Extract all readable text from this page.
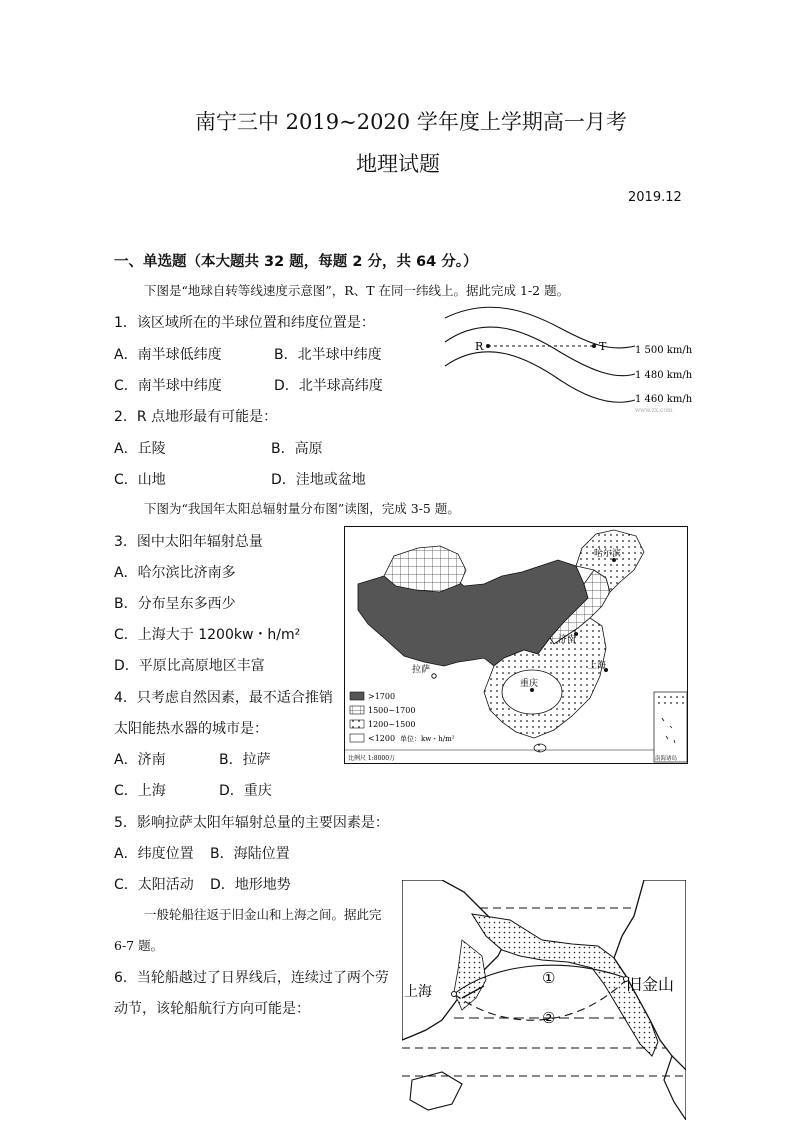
南宁三中 2019~2020 学年度上学期高一月考
地理试题
2019.12
一、单选题（本大题共 32 题，每题 2 分，共 64 分。）
下图是“地球自转等线速度示意图”，R、T 在同一纬线上。据此完成 1-2 题。
1．该区域所在的半球位置和纬度位置是：
A．南半球低纬度	B．北半球中纬度
C．南半球中纬度	D．北半球高纬度
2．R 点地形最有可能是：
A．丘陵	B．高原
C．山地	D．洼地或盆地
R	T	1 500 km/h
1 480 km/h
1 460 km/h
www.zx.com
下图为“我国年太阳总辐射量分布图”读图，完成 3-5 题。
3．图中太阳年辐射总量
A．哈尔滨比济南多
B．分布呈东多西少
C．上海大于 1200kw・h/m²
D．平原比高原地区丰富
4．只考虑自然因素，最不适合推销
太阳能热水器的城市是：
A．济南	B．拉萨
C．上海	D．重庆
5．影响拉萨太阳年辐射总量的主要因素是：
A．纬度位置 B．海陆位置
C．太阳活动 D．地形地势
哈尔滨
济南
拉萨
重庆
上海
>1700
1500~1700
1200~1500
<1200 单位：kw・h/m²
比例尺 1:8000万	南海诸岛
一般轮船往返于旧金山和上海之间。据此完
6-7 题。
6．当轮船越过了日界线后，连续过了两个劳
动节，该轮船航行方向可能是：
上海	旧金山
①
②
